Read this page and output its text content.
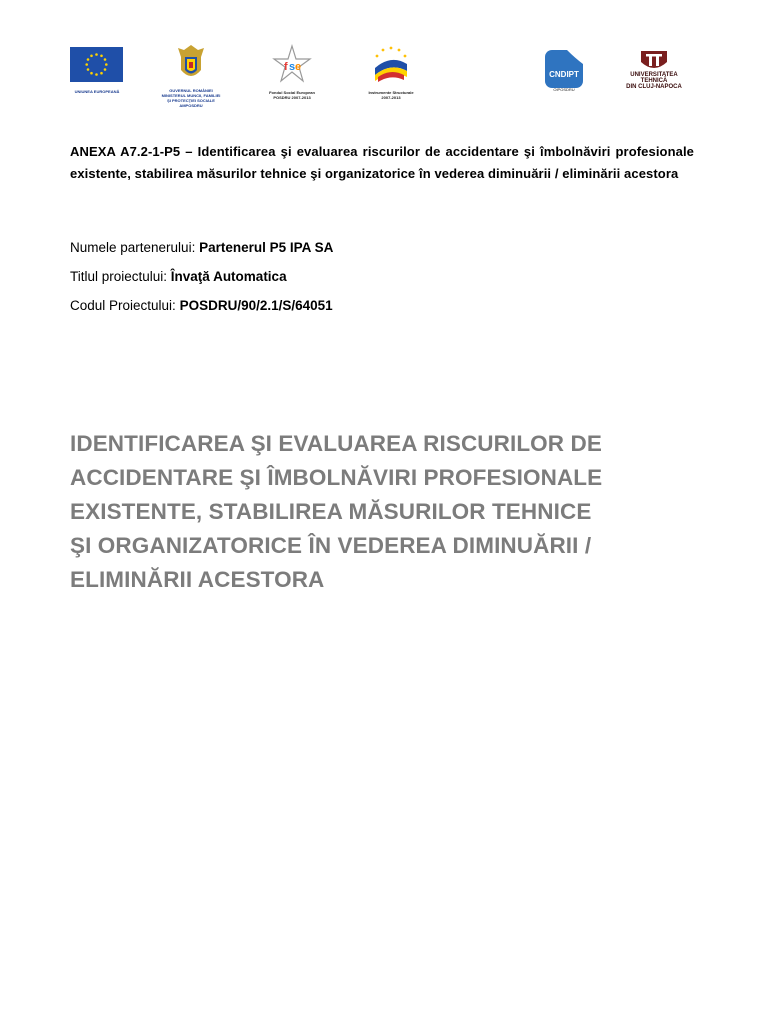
UNIUNEA EUROPEANĂ	GUVERNUL ROMÂNIEI
MINISTERUL MUNCII, FAMILIEI
ŞI PROTECŢIEI SOCIALE
AMPOSDRU
f s e
Fondul Social European
POSDRU 2007-2013
Instrumente Structurale
2007-2013
CNDIPT
OIPOSDRU
UNIVERSITATEA
TEHNICĂ
DIN CLUJ-NAPOCA
ANEXA A7.2-1-P5 – Identificarea şi evaluarea riscurilor de accidentare şi îmbolnăviri profesionale existente, stabilirea măsurilor tehnice şi organizatorice în vederea diminuării / eliminării acestora
Numele partenerului: Partenerul P5 IPA SA
Titlul proiectului: Învaţă Automatica
Codul Proiectului: POSDRU/90/2.1/S/64051
IDENTIFICAREA ŞI EVALUAREA RISCURILOR DE
ACCIDENTARE ŞI ÎMBOLNĂVIRI PROFESIONALE
EXISTENTE, STABILIREA MĂSURILOR TEHNICE
ŞI ORGANIZATORICE ÎN VEDEREA DIMINUĂRII /
ELIMINĂRII ACESTORA
